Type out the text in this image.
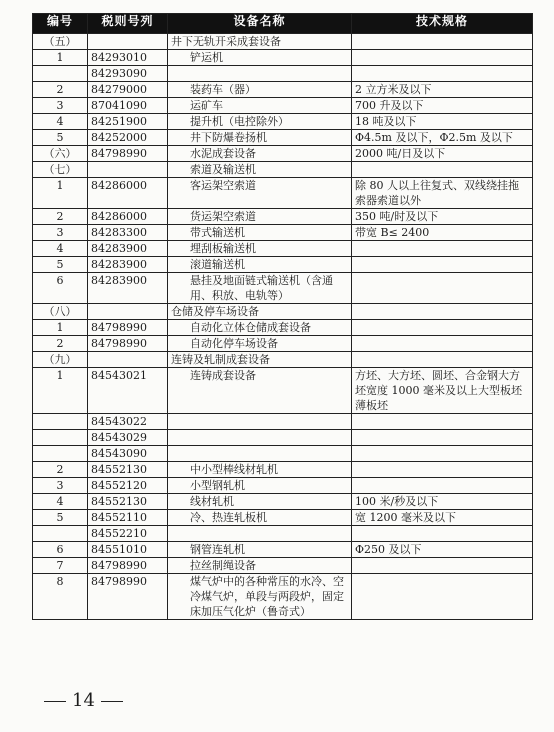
编号	税则号列	设备名称	技术规格
（五）		井下无轨开采成套设备	
1	84293010	铲运机	
	84293090		
2	84279000	装药车（器）	2 立方米及以下
3	87041090	运矿车	700 升及以下
4	84251900	提升机（电控除外）	18 吨及以下
5	84252000	井下防爆卷扬机	Φ4.5m 及以下，Φ2.5m 及以下
（六）	84798990	水泥成套设备	2000 吨/日及以下
（七）		索道及输送机	
1	84286000	客运架空索道	除 80 人以上往复式、双线绕挂拖索器索道以外
2	84286000	货运架空索道	350 吨/时及以下
3	84283300	带式输送机	带宽 B≤ 2400
4	84283900	埋刮板输送机	
5	84283900	滚道输送机	
6	84283900	悬挂及地面链式输送机（含通用、积放、电轨等）	
（八）		仓储及停车场设备	
1	84798990	自动化立体仓储成套设备	
2	84798990	自动化停车场设备	
（九）		连铸及轧制成套设备	
1	84543021	连铸成套设备	方坯、大方坯、圆坯、合金钢大方坯宽度 1000 毫米及以上大型板坯薄板坯
	84543022		
	84543029		
	84543090		
2	84552130	中小型棒线材轧机	
3	84552120	小型钢轧机	
4	84552130	线材轧机	100 米/秒及以下
5	84552110	冷、热连轧板机	宽 1200 毫米及以下
	84552210		
6	84551010	钢管连轧机	Φ250 及以下
7	84798990	拉丝制绳设备	
8	84798990	煤气炉中的各种常压的水冷、空冷煤气炉，单段与两段炉，固定床加压气化炉（鲁奇式）	
14
